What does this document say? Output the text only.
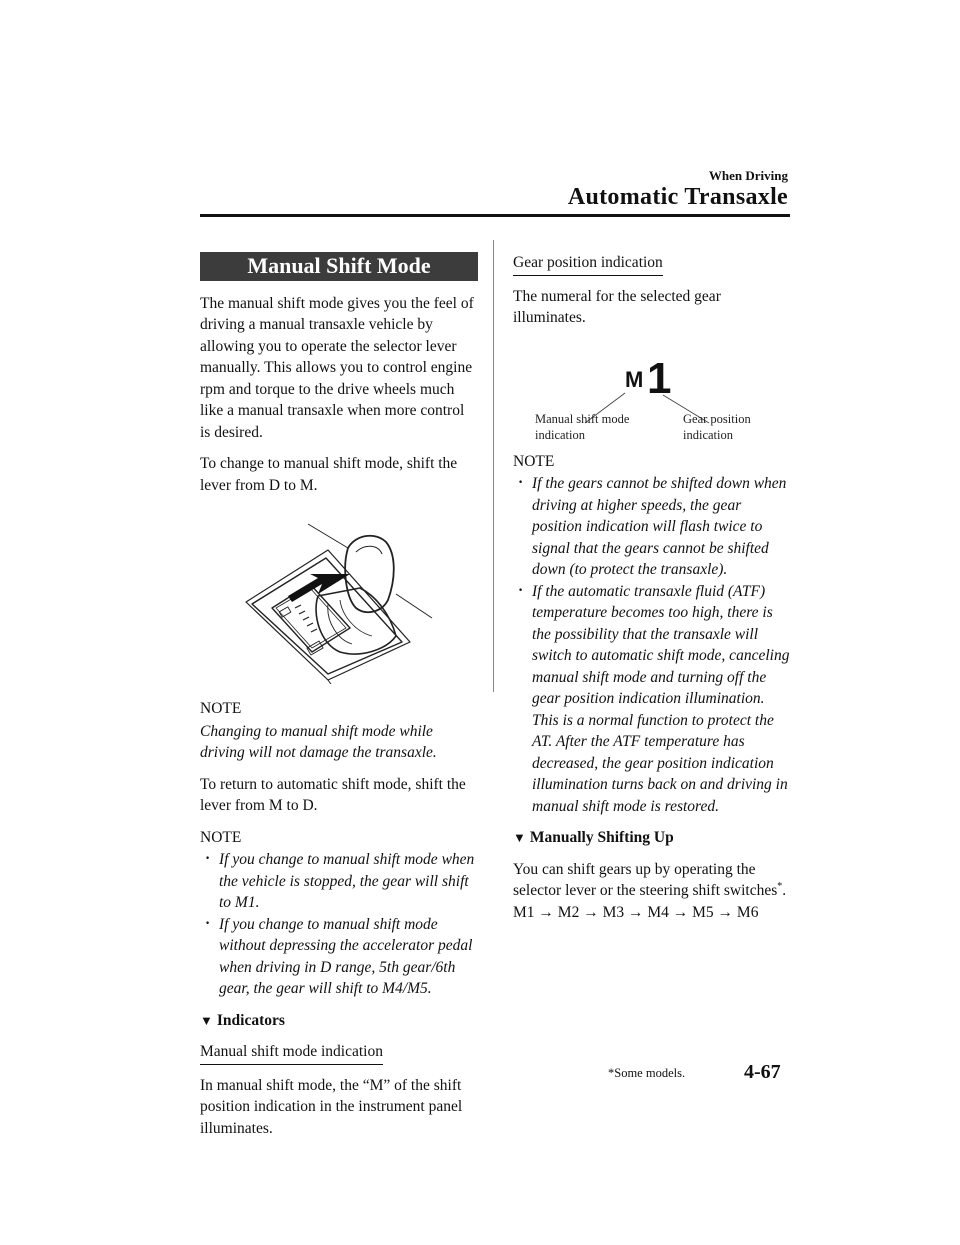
When Driving
Automatic Transaxle
Manual Shift Mode

The manual shift mode gives you the feel of driving a manual transaxle vehicle by allowing you to operate the selector lever manually. This allows you to control engine rpm and torque to the drive wheels much like a manual transaxle when more control is desired.

To change to manual shift mode, shift the lever from D to M.

NOTE

Changing to manual shift mode while driving will not damage the transaxle.

To return to automatic shift mode, shift the lever from M to D.

NOTE

· If you change to manual shift mode when the vehicle is stopped, the gear will shift to M1.
· If you change to manual shift mode without depressing the accelerator pedal when driving in D range, 5th gear/6th gear, the gear will shift to M4/M5.
▼ Indicators
Manual shift mode indication

In manual shift mode, the “M” of the shift position indication in the instrument panel illuminates.

Gear position indication

The numeral for the selected gear illuminates.

M 1
Manual shift mode
indication
Gear position
indication

NOTE

· If the gears cannot be shifted down when driving at higher speeds, the gear position indication will flash twice to signal that the gears cannot be shifted down (to protect the transaxle).
· If the automatic transaxle fluid (ATF) temperature becomes too high, there is the possibility that the transaxle will switch to automatic shift mode, canceling manual shift mode and turning off the gear position indication illumination. This is a normal function to protect the AT. After the ATF temperature has decreased, the gear position indication illumination turns back on and driving in manual shift mode is restored.
▼ Manually Shifting Up

You can shift gears up by operating the selector lever or the steering shift switches*.

M1 → M2 → M3 → M4 → M5 → M6

*Some models.	4-67
